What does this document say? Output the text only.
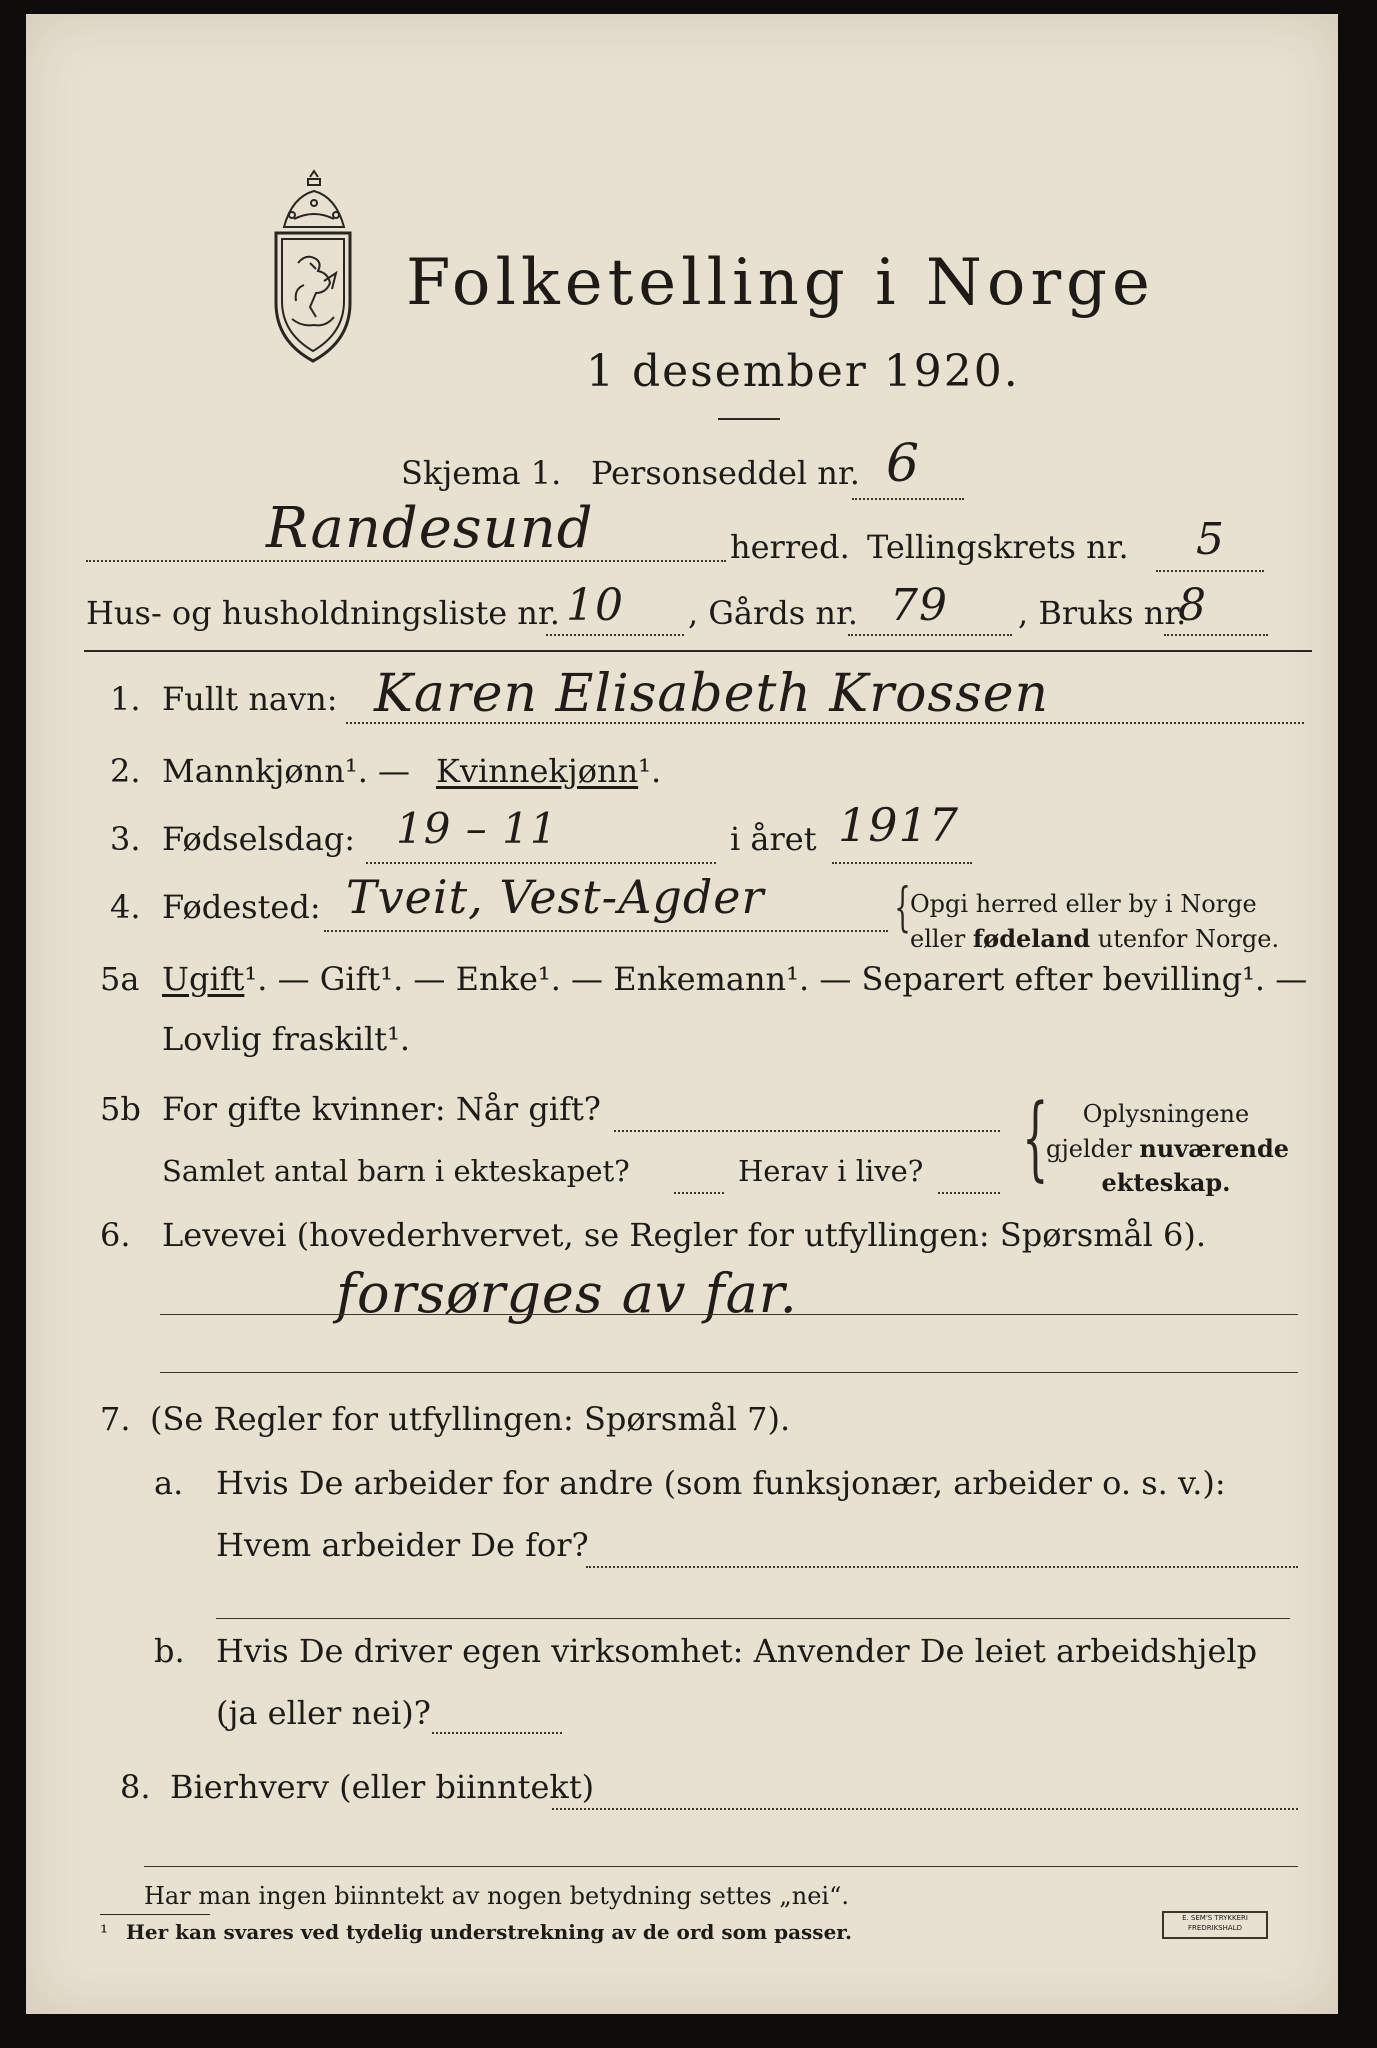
Folketelling i Norge
1 desember 1920.
Skjema 1. Personseddel nr. 6
Randesund	herred. Tellingskrets nr. 5
Hus- og husholdningsliste nr. 10 , Gårds nr. 79 , Bruks nr.
8
1. Fullt navn: Karen Elisabeth Krossen
2. Mannkjønn¹. — Kvinnekjønn¹.
3. Fødselsdag: 19 – 11	i året 1917
4. Fødested: Tveit, Vest-Agder { Opgi herred eller by i Norge
eller fødeland utenfor Norge.
5a Ugift¹. — Gift¹. — Enke¹. — Enkemann¹. — Separert efter bevilling¹. —
Lovlig fraskilt¹.
5b For gifte kvinner: Når gift?
Samlet antal barn i ekteskapet?	Herav i live? {	Oplysningene
gjelder nuværende
ekteskap.
6. Levevei (hovederhvervet, se Regler for utfyllingen: Spørsmål 6).
forsørges av far.
7. (Se Regler for utfyllingen: Spørsmål 7).
a. Hvis De arbeider for andre (som funksjonær, arbeider o. s. v.):
Hvem arbeider De for?
b. Hvis De driver egen virksomhet: Anvender De leiet arbeidshjelp
(ja eller nei)?
8. Bierhverv (eller biinntekt)
Har man ingen biinntekt av nogen betydning settes „nei“.
¹ Her kan svares ved tydelig understrekning av de ord som passer.
E. SEM'S TRYKKERI
FREDRIKSHALD
